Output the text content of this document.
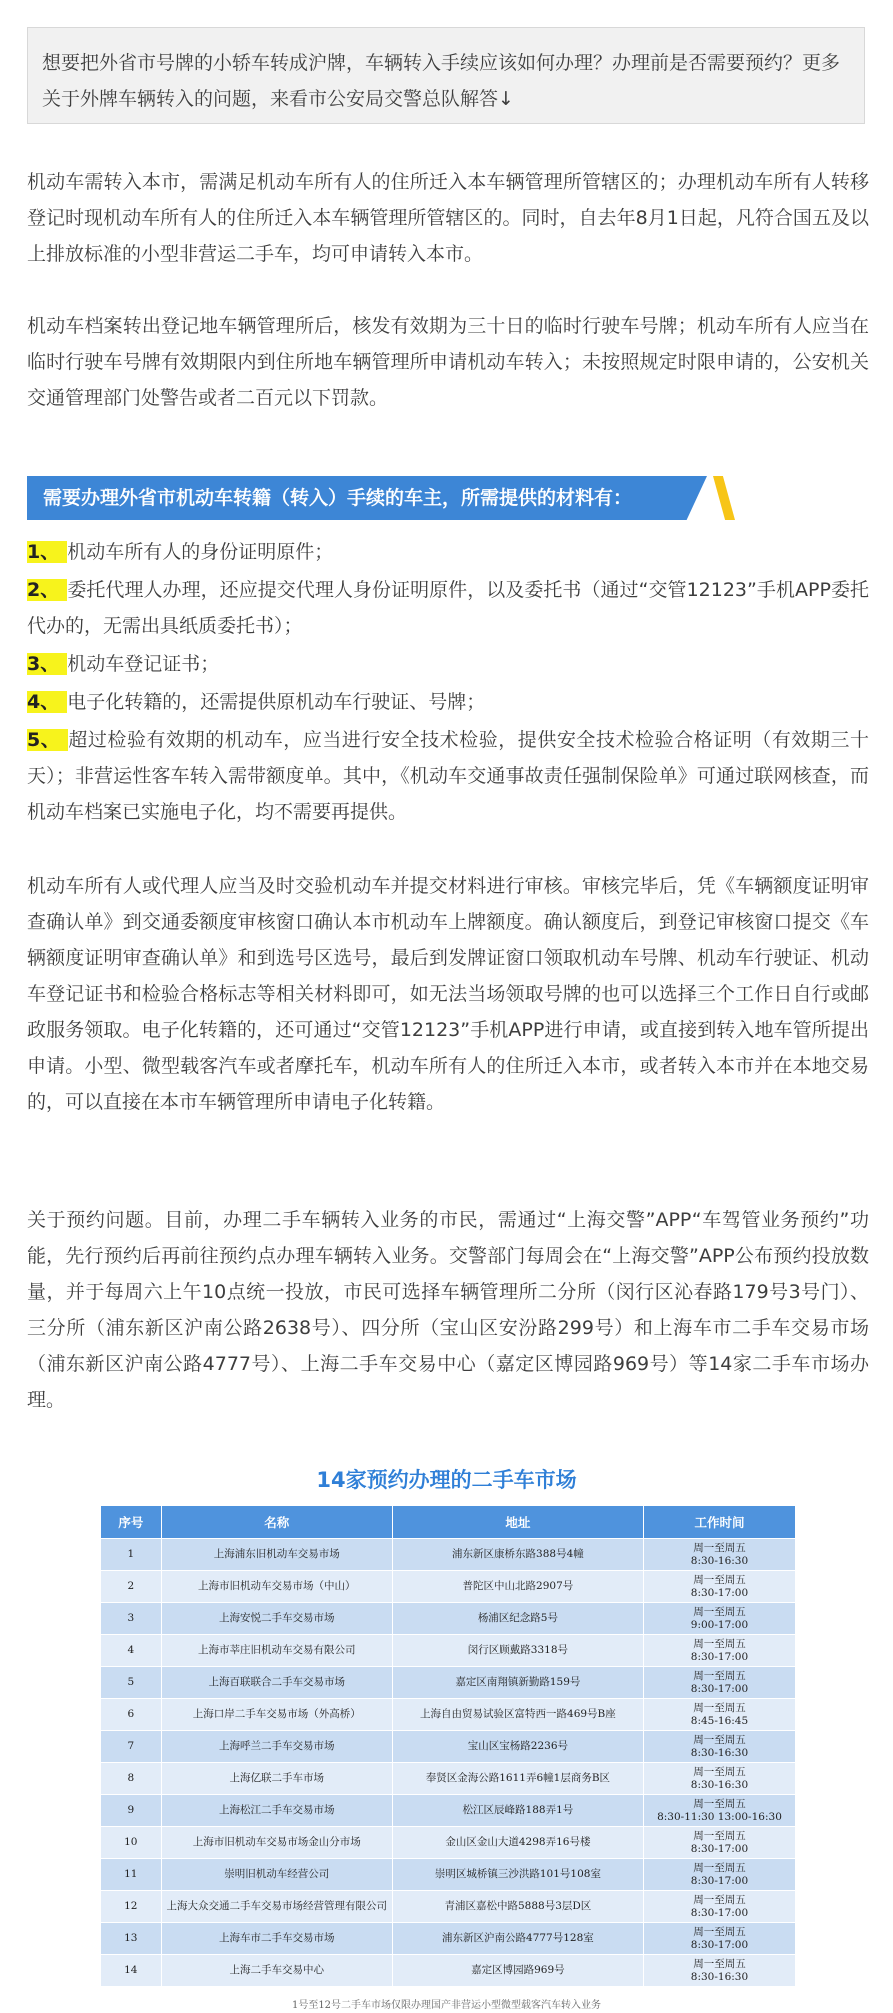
想要把外省市号牌的小轿车转成沪牌，车辆转入手续应该如何办理？办理前是否需要预约？更多关于外牌车辆转入的问题，来看市公安局交警总队解答↓

机动车需转入本市，需满足机动车所有人的住所迁入本车辆管理所管辖区的；办理机动车所有人转移登记时现机动车所有人的住所迁入本车辆管理所管辖区的。同时，自去年8月1日起，凡符合国五及以上排放标准的小型非营运二手车，均可申请转入本市。

机动车档案转出登记地车辆管理所后，核发有效期为三十日的临时行驶车号牌；机动车所有人应当在临时行驶车号牌有效期限内到住所地车辆管理所申请机动车转入；未按照规定时限申请的，公安机关交通管理部门处警告或者二百元以下罚款。

需要办理外省市机动车转籍（转入）手续的车主，所需提供的材料有：

1、 机动车所有人的身份证明原件；

2、 委托代理人办理，还应提交代理人身份证明原件，以及委托书（通过“交管12123”手机APP委托代办的，无需出具纸质委托书）；

3、 机动车登记证书；

4、 电子化转籍的，还需提供原机动车行驶证、号牌；

5、 超过检验有效期的机动车，应当进行安全技术检验，提供安全技术检验合格证明（有效期三十天）；非营运性客车转入需带额度单。其中，《机动车交通事故责任强制保险单》可通过联网核查，而机动车档案已实施电子化，均不需要再提供。

机动车所有人或代理人应当及时交验机动车并提交材料进行审核。审核完毕后，凭《车辆额度证明审查确认单》到交通委额度审核窗口确认本市机动车上牌额度。确认额度后，到登记审核窗口提交《车辆额度证明审查确认单》和到选号区选号，最后到发牌证窗口领取机动车号牌、机动车行驶证、机动车登记证书和检验合格标志等相关材料即可，如无法当场领取号牌的也可以选择三个工作日自行或邮政服务领取。电子化转籍的，还可通过“交管12123”手机APP进行申请，或直接到转入地车管所提出申请。小型、微型载客汽车或者摩托车，机动车所有人的住所迁入本市，或者转入本市并在本地交易的，可以直接在本市车辆管理所申请电子化转籍。

关于预约问题。目前，办理二手车辆转入业务的市民，需通过“上海交警”APP“车驾管业务预约”功能，先行预约后再前往预约点办理车辆转入业务。交警部门每周会在“上海交警”APP公布预约投放数量，并于每周六上午10点统一投放，市民可选择车辆管理所二分所（闵行区沁春路179号3号门）、三分所（浦东新区沪南公路2638号）、四分所（宝山区安汾路299号）和上海车市二手车交易市场（浦东新区沪南公路4777号）、上海二手车交易中心（嘉定区博园路969号）等14家二手车市场办理。

14家预约办理的二手车市场
序号	名称	地址	工作时间
1	上海浦东旧机动车交易市场	浦东新区康桥东路388号4幢	周一至周五
8:30-16:30

2	上海市旧机动车交易市场（中山）	普陀区中山北路2907号	周一至周五
8:30-17:00

3	上海安悦二手车交易市场	杨浦区纪念路5号	周一至周五
9:00-17:00

4	上海市莘庄旧机动车交易有限公司	闵行区顾戴路3318号	周一至周五
8:30-17:00

5	上海百联联合二手车交易市场	嘉定区南翔镇新勤路159号	周一至周五
8:30-17:00

6	上海口岸二手车交易市场（外高桥）	上海自由贸易试验区富特西一路469号B座	周一至周五
8:45-16:45

7	上海呼兰二手车交易市场	宝山区宝杨路2236号	周一至周五
8:30-16:30

8	上海亿联二手车市场	奉贤区金海公路1611弄6幢1层商务B区	周一至周五
8:30-16:30

9	上海松江二手车交易市场	松江区辰峰路188弄1号	周一至周五
8:30-11:30 13:00-16:30

10	上海市旧机动车交易市场金山分市场	金山区金山大道4298弄16号楼	周一至周五
8:30-17:00

11	崇明旧机动车经营公司	崇明区城桥镇三沙洪路101号108室	周一至周五
8:30-17:00

12	上海大众交通二手车交易市场经营管理有限公司	青浦区嘉松中路5888号3层D区	周一至周五
8:30-17:00

13	上海车市二手车交易市场	浦东新区沪南公路4777号128室	周一至周五
8:30-17:00

14	上海二手车交易中心	嘉定区博园路969号	周一至周五
8:30-16:30
1号至12号二手车市场仅限办理国产非营运小型微型载客汽车转入业务
